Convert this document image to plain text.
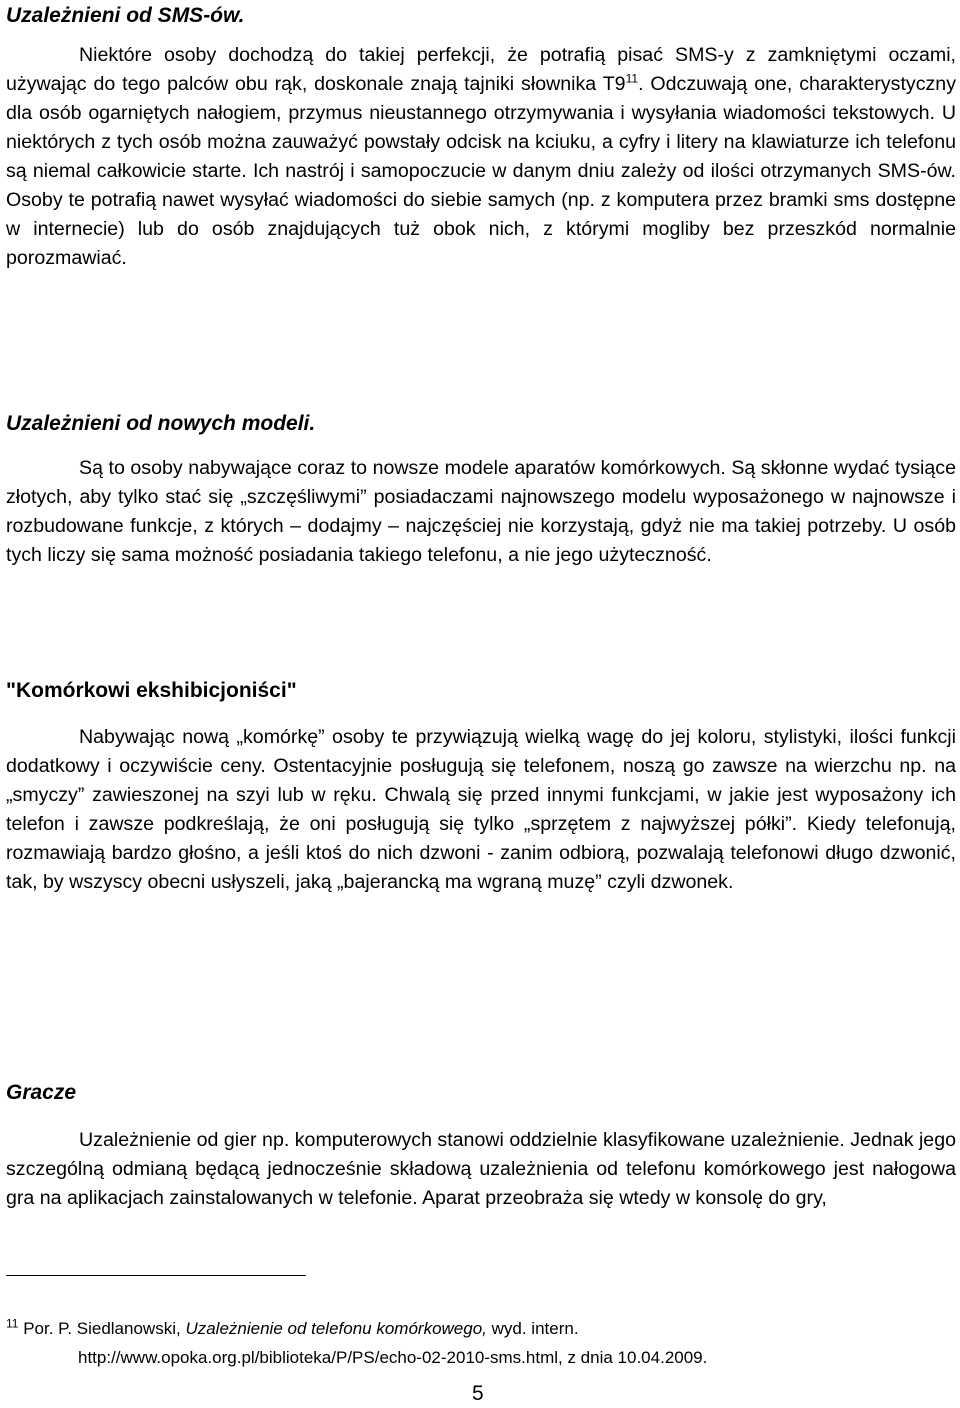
Uzależnieni od SMS-ów.

Niektóre osoby dochodzą do takiej perfekcji, że potrafią pisać SMS-y z zamkniętymi oczami, używając do tego palców obu rąk, doskonale znają tajniki słownika $T9^{11}$. Odczuwają one, charakterystyczny dla osób ogarniętych nałogiem, przymus nieustannego otrzymywania i wysyłania wiadomości tekstowych. U niektórych z tych osób można zauważyć powstały odcisk na kciuku, a cyfry i litery na klawiaturze ich telefonu są niemal całkowicie starte. Ich nastrój i samopoczucie w danym dniu zależy od ilości otrzymanych SMS-ów. Osoby te potrafią nawet wysyłać wiadomości do siebie samych (np. z komputera przez bramki sms dostępne w internecie) lub do osób znajdujących tuż obok nich, z którymi mogliby bez przeszkód normalnie porozmawiać.

Uzależnieni od nowych modeli.

Są to osoby nabywające coraz to nowsze modele aparatów komórkowych. Są skłonne wydać tysiące złotych, aby tylko stać się „szczęśliwymi” posiadaczami najnowszego modelu wyposażonego w najnowsze i rozbudowane funkcje, z których – dodajmy – najczęściej nie korzystają, gdyż nie ma takiej potrzeby. U osób tych liczy się sama możność posiadania takiego telefonu, a nie jego użyteczność.

"Komórkowi ekshibicjoniści"

Nabywając nową „komórkę” osoby te przywiązują wielką wagę do jej koloru, stylistyki, ilości funkcji dodatkowy i oczywiście ceny. Ostentacyjnie posługują się telefonem, noszą go zawsze na wierzchu np. na „smyczy” zawieszonej na szyi lub w ręku. Chwalą się przed innymi funkcjami, w jakie jest wyposażony ich telefon i zawsze podkreślają, że oni posługują się tylko „sprzętem z najwyższej półki”. Kiedy telefonują, rozmawiają bardzo głośno, a jeśli ktoś do nich dzwoni - zanim odbiorą, pozwalają telefonowi długo dzwonić, tak, by wszyscy obecni usłyszeli, jaką „bajerancką ma wgraną muzę” czyli dzwonek.

Gracze

Uzależnienie od gier np. komputerowych stanowi oddzielnie klasyfikowane uzależnienie. Jednak jego szczególną odmianą będącą jednocześnie składową uzależnienia od telefonu komórkowego jest nałogowa gra na aplikacjach zainstalowanych w telefonie. Aparat przeobraża się wtedy w konsolę do gry,

$^{11}$ Por. P. Siedlanowski, Uzależnienie od telefonu komórkowego, wyd. intern.
http://www.opoka.org.pl/biblioteka/P/PS/echo-02-2010-sms.html, z dnia 10.04.2009.
5
